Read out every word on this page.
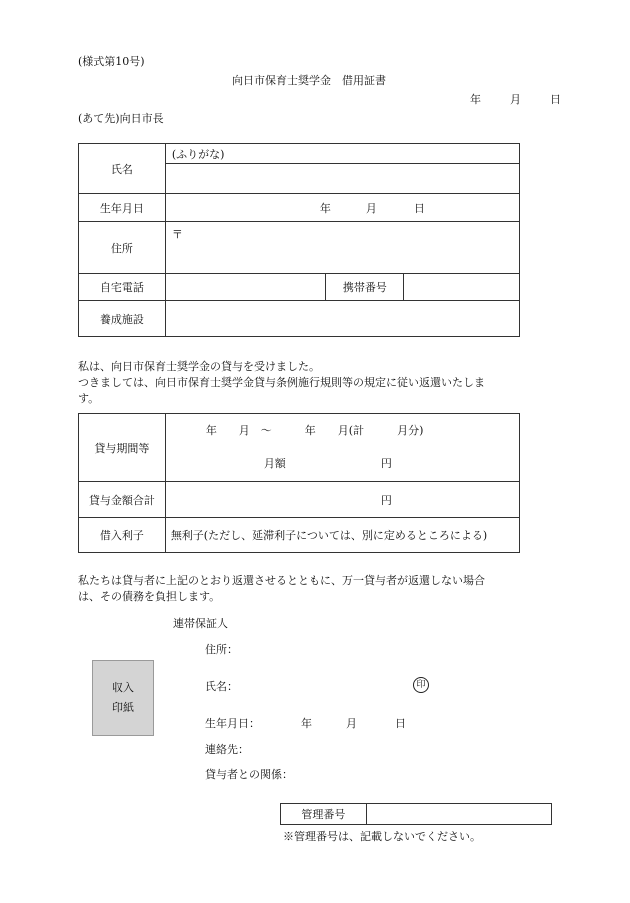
(様式第10号)
向日市保育士奨学金　借用証書
年	月	日
(あて先)向日市長
氏名	(ふりがな)		

生年月日	年 月 日		

住所	〒		
自宅電話		携帯番号	
養成施設			
私は、向日市保育士奨学金の貸与を受けました。
つきましては、向日市保育士奨学金貸与条例施行規則等の規定に従い返還いたしま
す。
貸与期間等	年　　月　〜　　　年　　月(計　　　月分)
月額 円

貸与金額合計	円

借入利子	無利子(ただし、延滞利子については、別に定めるところによる)
私たちは貸与者に上記のとおり返還させるとともに、万一貸与者が返還しない場合
は、その債務を負担します。
連帯保証人
住所：
氏名：	印
生年月日：	年	月	日
連絡先：
貸与者との関係：
収入
印紙
管理番号	
※管理番号は、記載しないでください。
